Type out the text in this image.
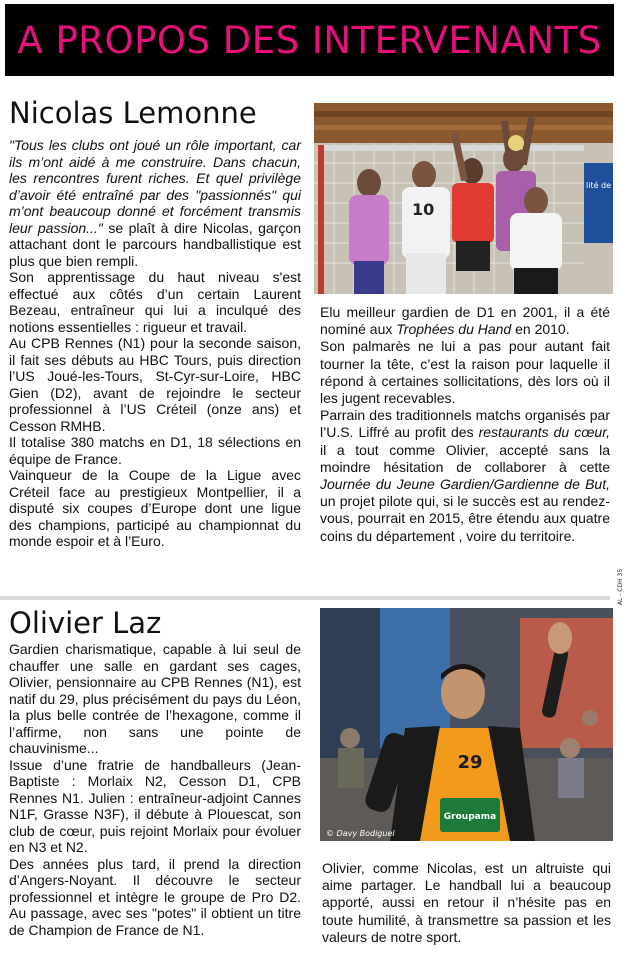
A PROPOS DES INTERVENANTS
Nicolas Lemonne

"Tous les clubs ont joué un rôle important, car ils m’ont aidé à me construire. Dans chacun, les rencontres furent riches. Et quel privilège d’avoir été entraîné par des "passionnés" qui m’ont beaucoup donné et forcément transmis leur passion..." se plaît à dire Nicolas, garçon attachant dont le parcours handballistique est plus que bien rempli.

Son apprentissage du haut niveau s'est effectué aux côtés d’un certain Laurent Bezeau, entraîneur qui lui a inculqué des notions essentielles : rigueur et travail.

Au CPB Rennes (N1) pour la seconde saison, il fait ses débuts au HBC Tours, puis direction l’US Joué-les-Tours, St-Cyr-sur-Loire, HBC Gien (D2), avant de rejoindre le secteur professionnel à l’US Créteil (onze ans) et Cesson RMHB.

Il totalise 380 matchs en D1, 18 sélections en équipe de France.

Vainqueur de la Coupe de la Ligue avec Créteil face au prestigieux Montpellier, il a disputé six coupes d’Europe dont une ligue des champions, participé au championnat du monde espoir et à l’Euro.

lité de V
10

Elu meilleur gardien de D1 en 2001, il a été nominé aux Trophées du Hand en 2010.

Son palmarès ne lui a pas pour autant fait tourner la tête, c’est la raison pour laquelle il répond à certaines sollicitations, dès lors où il les jugent recevables.

Parrain des traditionnels matchs organisés par l’U.S. Liffré au profit des restaurants du cœur, il a tout comme Olivier, accepté sans la moindre hésitation de collaborer à cette Journée du Jeune Gardien/Gardienne de But, un projet pilote qui, si le succès est au rendez-vous, pourrait en 2015, être étendu aux quatre coins du département , voire du territoire.

AL - CDH 35
Olivier Laz

Gardien charismatique, capable à lui seul de chauffer une salle en gardant ses cages, Olivier, pensionnaire au CPB Rennes (N1), est natif du 29, plus précisément du pays du Léon, la plus belle contrée de l’hexagone, comme il l’affirme, non sans une pointe de chauvinisme...

Issue d’une fratrie de handballeurs (Jean-Baptiste : Morlaix N2, Cesson D1, CPB Rennes N1. Julien : entraîneur-adjoint Cannes N1F, Grasse N3F), il débute à Plouescat, son club de cœur, puis rejoint Morlaix pour évoluer en N3 et N2.

Des années plus tard, il prend la direction d’Angers-Noyant. Il découvre le secteur professionnel et intègre le groupe de Pro D2. Au passage, avec ses "potes" il obtient un titre de Champion de France de N1.

29
Groupama
© Davy Bodiguel

Olivier, comme Nicolas, est un altruiste qui aime partager. Le handball lui a beaucoup apporté, aussi en retour il n’hésite pas en toute humilité, à transmettre sa passion et les valeurs de notre sport.
